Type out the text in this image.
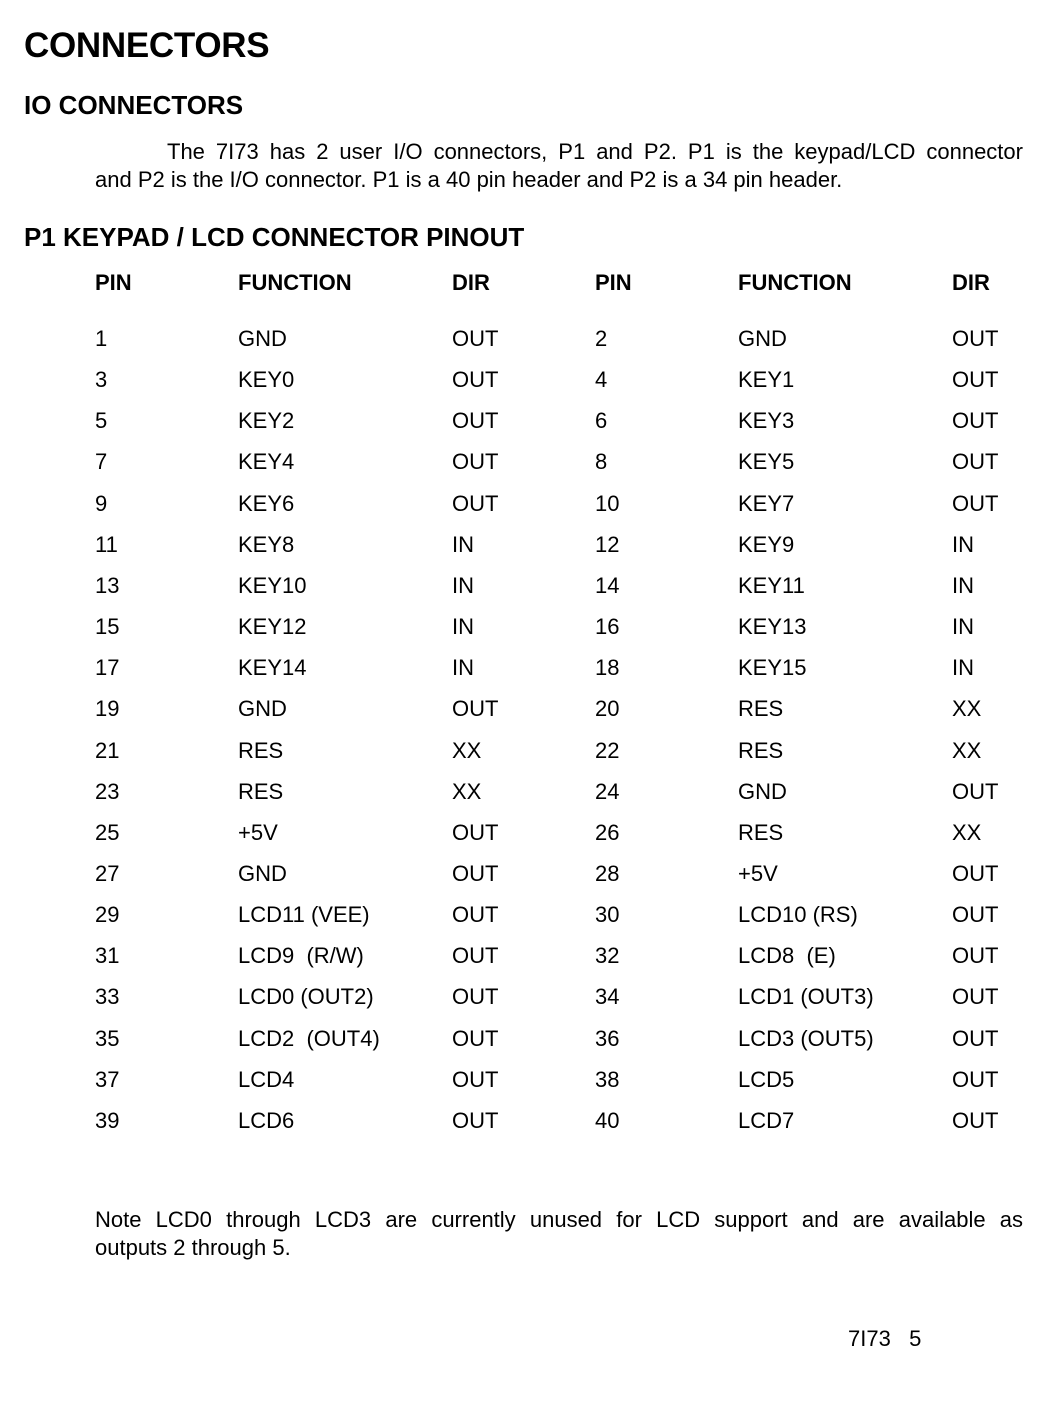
CONNECTORS
IO CONNECTORS
The 7I73 has 2 user I/O connectors, P1 and P2. P1 is the keypad/LCD connector
and P2 is the I/O connector. P1 is a 40 pin header and P2 is a 34 pin header.
P1 KEYPAD / LCD CONNECTOR PINOUT
PIN	FUNCTION	DIR	PIN	FUNCTION	DIR
1	GND	OUT	2	GND	OUT
3	KEY0	OUT	4	KEY1	OUT
5	KEY2	OUT	6	KEY3	OUT
7	KEY4	OUT	8	KEY5	OUT
9	KEY6	OUT	10	KEY7	OUT
11	KEY8	IN	12	KEY9	IN
13	KEY10	IN	14	KEY11	IN
15	KEY12	IN	16	KEY13	IN
17	KEY14	IN	18	KEY15	IN
19	GND	OUT	20	RES	XX
21	RES	XX	22	RES	XX
23	RES	XX	24	GND	OUT
25	+5V	OUT	26	RES	XX
27	GND	OUT	28	+5V	OUT
29	LCD11 (VEE)	OUT	30	LCD10 (RS)	OUT
31	LCD9  (R/W)	OUT	32	LCD8  (E)	OUT
33	LCD0 (OUT2)	OUT	34	LCD1 (OUT3)	OUT
35	LCD2  (OUT4)	OUT	36	LCD3 (OUT5)	OUT
37	LCD4	OUT	38	LCD5	OUT
39	LCD6	OUT	40	LCD7	OUT
Note LCD0 through LCD3 are currently unused for LCD support and are available as
outputs 2 through 5.
7I73   5
